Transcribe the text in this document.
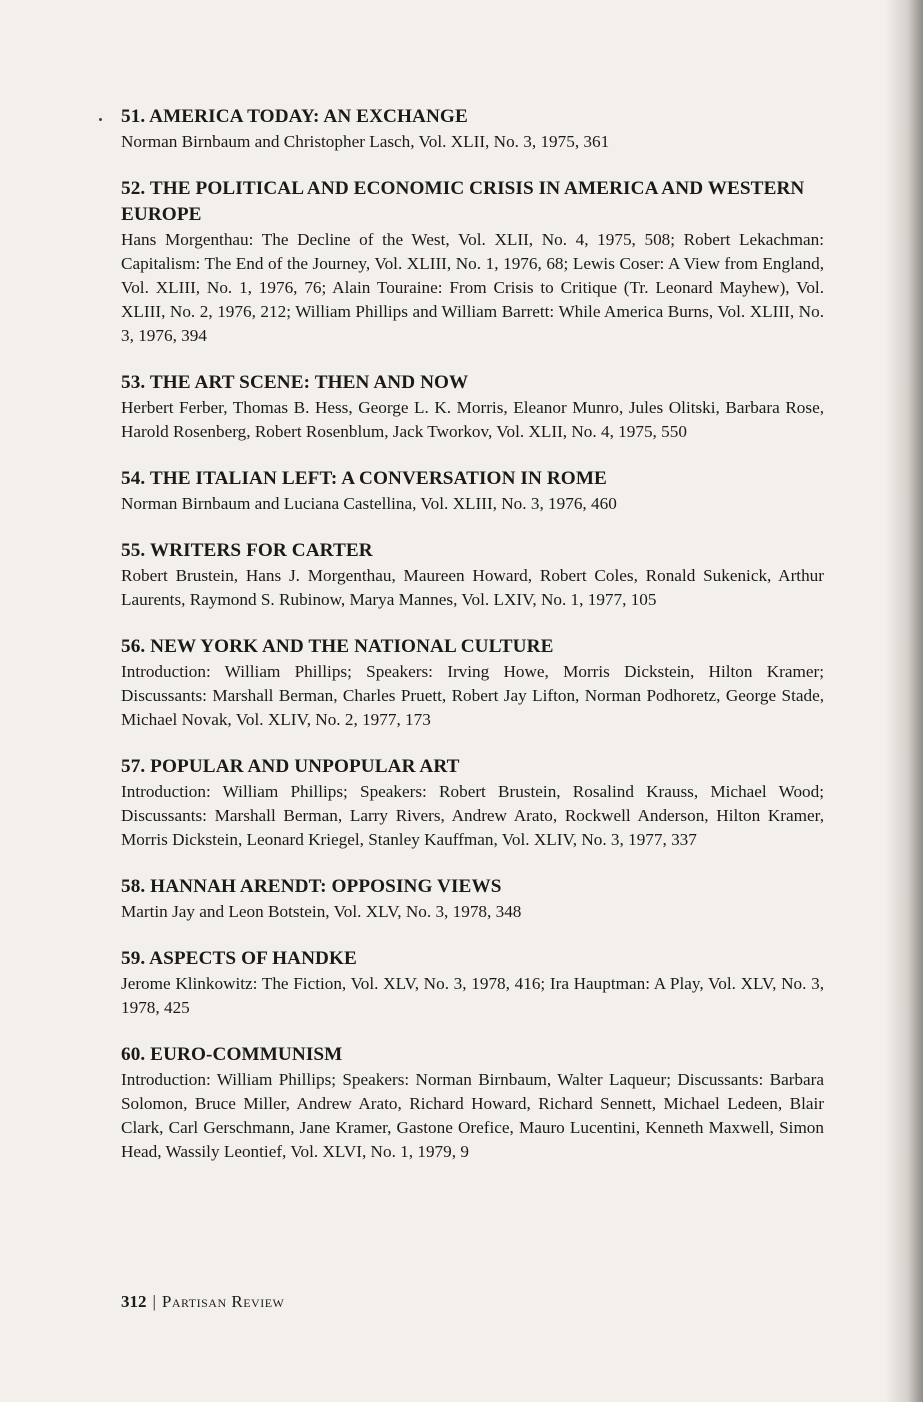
51. AMERICA TODAY: AN EXCHANGE

Norman Birnbaum and Christopher Lasch, Vol. XLII, No. 3, 1975, 361

52. THE POLITICAL AND ECONOMIC CRISIS IN AMERICA AND WESTERN EUROPE

Hans Morgenthau: The Decline of the West, Vol. XLII, No. 4, 1975, 508; Robert Lekachman: Capitalism: The End of the Journey, Vol. XLIII, No. 1, 1976, 68; Lewis Coser: A View from England, Vol. XLIII, No. 1, 1976, 76; Alain Touraine: From Crisis to Critique (Tr. Leonard Mayhew), Vol. XLIII, No. 2, 1976, 212; William Phillips and William Barrett: While America Burns, Vol. XLIII, No. 3, 1976, 394

53. THE ART SCENE: THEN AND NOW

Herbert Ferber, Thomas B. Hess, George L. K. Morris, Eleanor Munro, Jules Olitski, Barbara Rose, Harold Rosenberg, Robert Rosenblum, Jack Tworkov, Vol. XLII, No. 4, 1975, 550

54. THE ITALIAN LEFT: A CONVERSATION IN ROME

Norman Birnbaum and Luciana Castellina, Vol. XLIII, No. 3, 1976, 460

55. WRITERS FOR CARTER

Robert Brustein, Hans J. Morgenthau, Maureen Howard, Robert Coles, Ronald Sukenick, Arthur Laurents, Raymond S. Rubinow, Marya Mannes, Vol. LXIV, No. 1, 1977, 105

56. NEW YORK AND THE NATIONAL CULTURE

Introduction: William Phillips; Speakers: Irving Howe, Morris Dickstein, Hilton Kramer; Discussants: Marshall Berman, Charles Pruett, Robert Jay Lifton, Norman Podhoretz, George Stade, Michael Novak, Vol. XLIV, No. 2, 1977, 173

57. POPULAR AND UNPOPULAR ART

Introduction: William Phillips; Speakers: Robert Brustein, Rosalind Krauss, Michael Wood; Discussants: Marshall Berman, Larry Rivers, Andrew Arato, Rockwell Anderson, Hilton Kramer, Morris Dickstein, Leonard Kriegel, Stanley Kauffman, Vol. XLIV, No. 3, 1977, 337

58. HANNAH ARENDT: OPPOSING VIEWS

Martin Jay and Leon Botstein, Vol. XLV, No. 3, 1978, 348

59. ASPECTS OF HANDKE

Jerome Klinkowitz: The Fiction, Vol. XLV, No. 3, 1978, 416; Ira Hauptman: A Play, Vol. XLV, No. 3, 1978, 425

60. EURO-COMMUNISM

Introduction: William Phillips; Speakers: Norman Birnbaum, Walter Laqueur; Discussants: Barbara Solomon, Bruce Miller, Andrew Arato, Richard Howard, Richard Sennett, Michael Ledeen, Blair Clark, Carl Gerschmann, Jane Kramer, Gastone Orefice, Mauro Lucentini, Kenneth Maxwell, Simon Head, Wassily Leontief, Vol. XLVI, No. 1, 1979, 9

312 | Partisan Review
